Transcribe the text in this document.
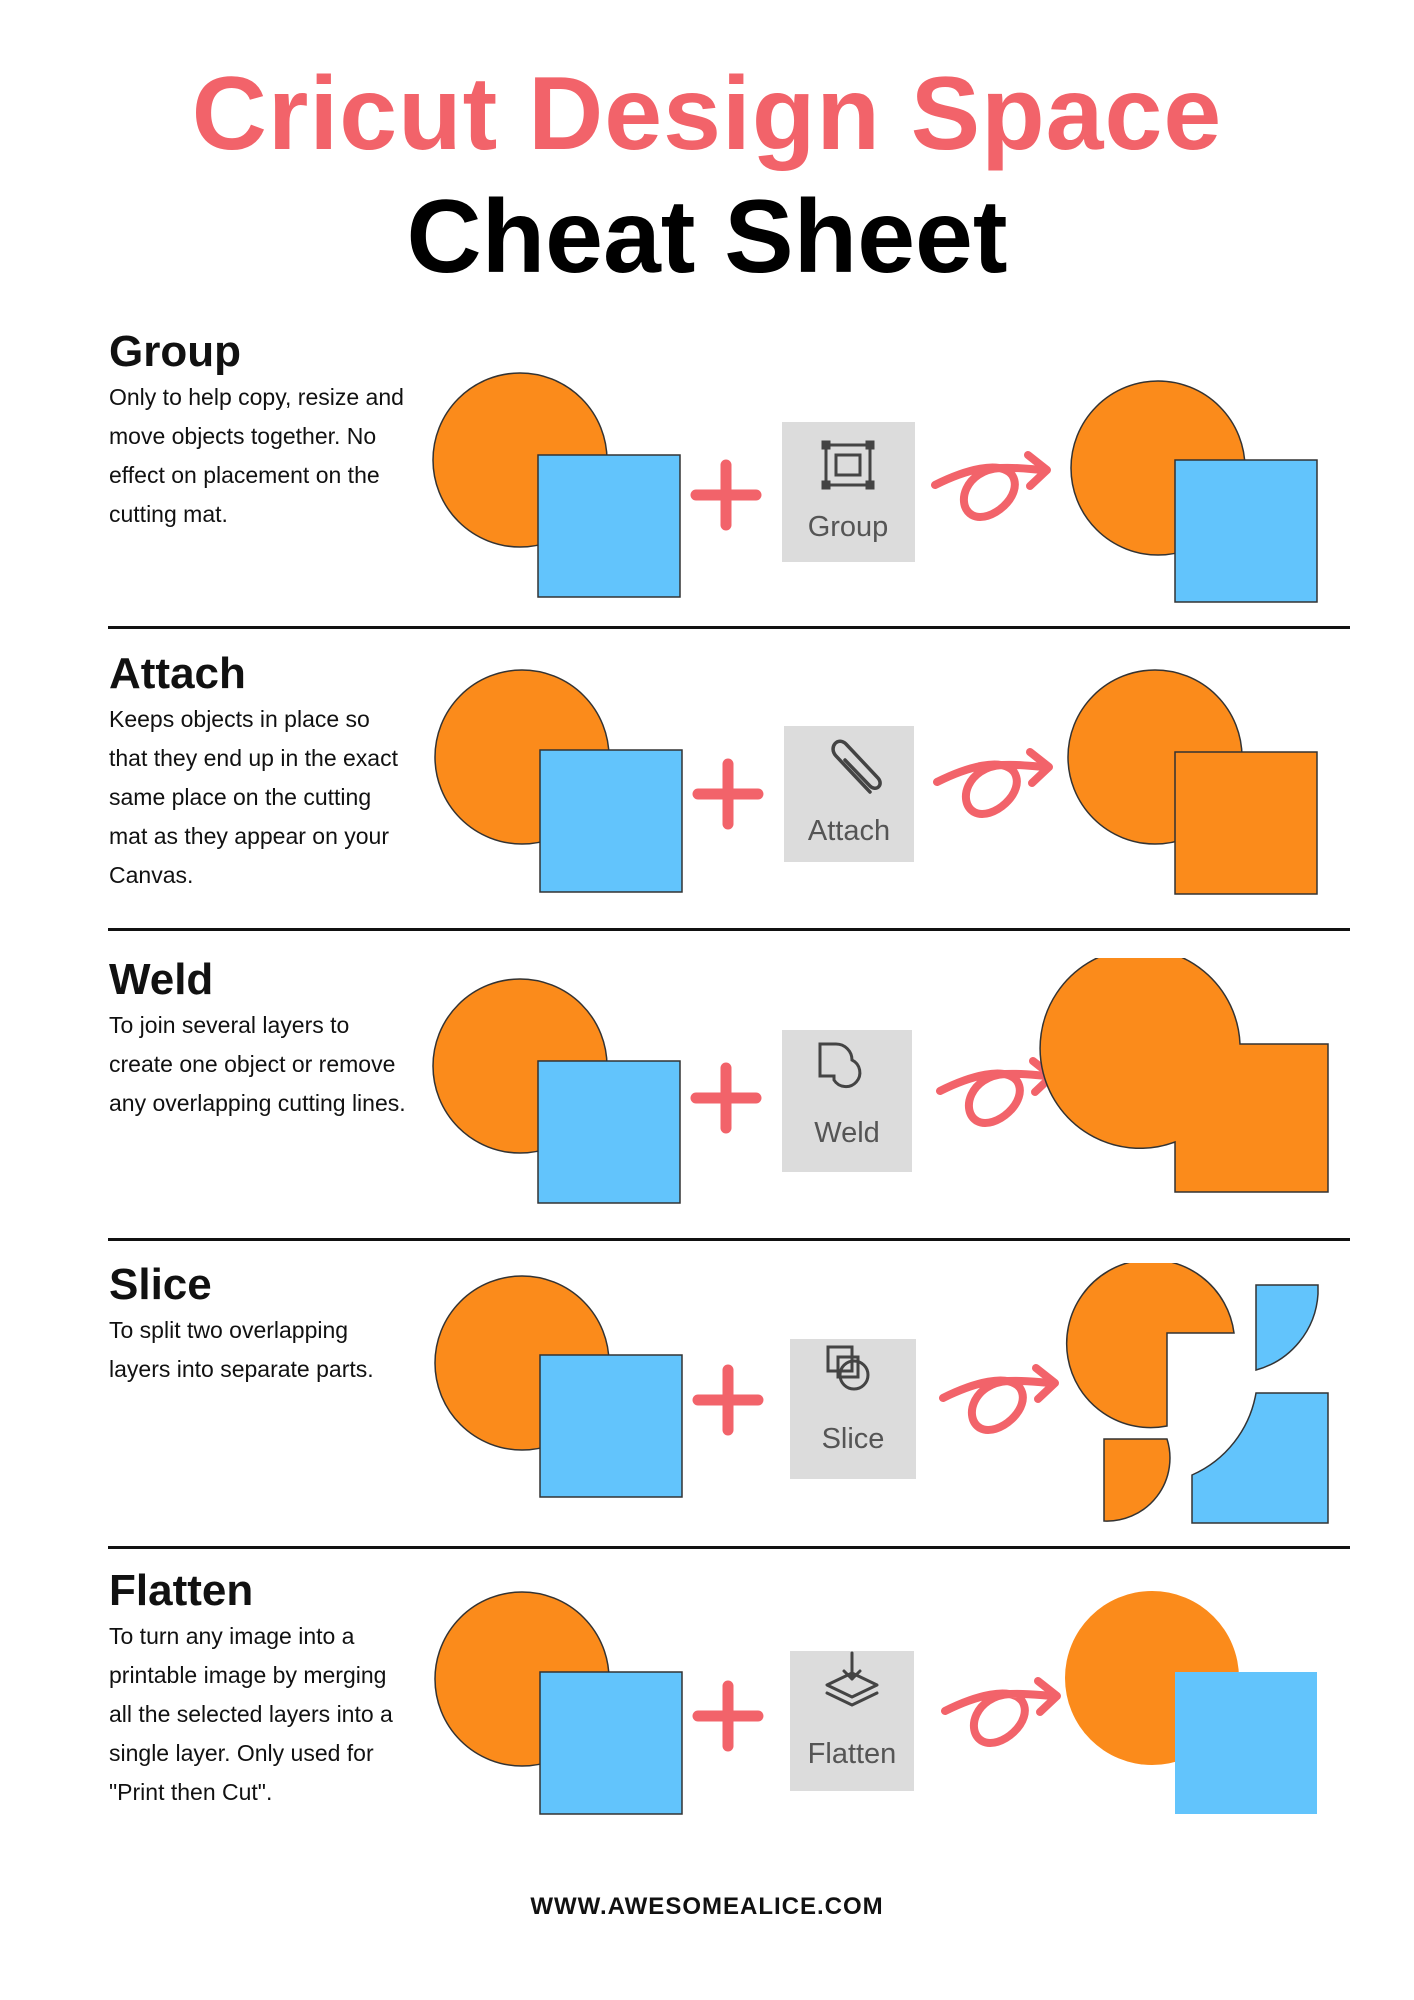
Cricut Design Space
Cheat Sheet
Group
Only to help copy, resize and move objects together. No effect on placement on the cutting mat.	Group
Attach
Keeps objects in place so that they end up in the exact same place on the cutting mat as they appear on your Canvas.
Attach
Weld
To join several layers to create one object or remove any overlapping cutting lines.
Weld
Slice
To split two overlapping layers into separate parts.
Slice
Flatten
To turn any image into a printable image by merging all the selected layers into a single layer. Only used for "Print then Cut".
Flatten
WWW.AWESOMEALICE.COM
